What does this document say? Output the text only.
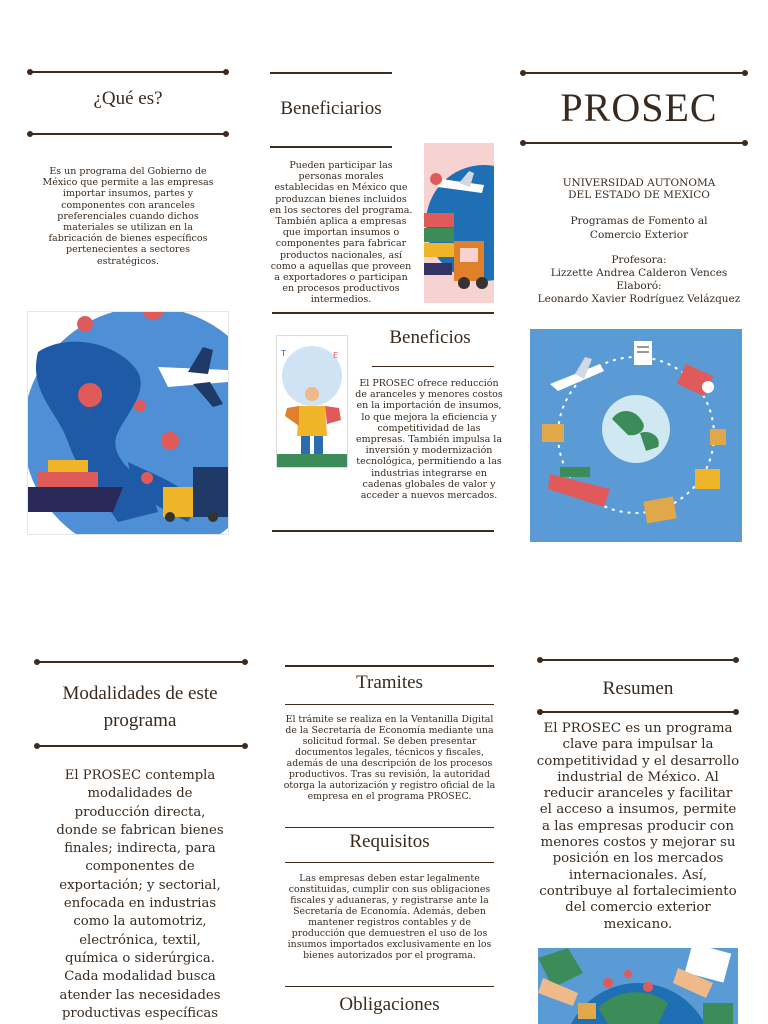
¿Qué es?
Es un programa del Gobierno de México que permite a las empresas importar insumos, partes y componentes con aranceles preferenciales cuando dichos materiales se utilizan en la fabricación de bienes específicos pertenecientes a sectores estratégicos.
Beneficiarios
Pueden participar las personas morales establecidas en México que produzcan bienes incluidos en los sectores del programa. También aplica a empresas que importan insumos o componentes para fabricar productos nacionales, así como a aquellas que proveen a exportadores o participan en procesos productivos intermedios.
T	E
Beneficios
El PROSEC ofrece reducción de aranceles y menores costos en la importación de insumos, lo que mejora la eficiencia y competitividad de las empresas. También impulsa la inversión y modernización tecnológica, permitiendo a las industrias integrarse en cadenas globales de valor y acceder a nuevos mercados.
PROSEC
UNIVERSIDAD AUTONOMA
DEL ESTADO DE MEXICO
Programas de Fomento al
Comercio Exterior
Profesora:
Lizzette Andrea Calderon Vences
Elaboró:
Leonardo Xavier Rodríguez Velázquez
Modalidades de este programa
El PROSEC contempla modalidades de producción directa, donde se fabrican bienes finales; indirecta, para componentes de exportación; y sectorial, enfocada en industrias como la automotriz, electrónica, textil, química o siderúrgica. Cada modalidad busca atender las necesidades productivas específicas
Tramites
El trámite se realiza en la Ventanilla Digital de la Secretaría de Economía mediante una solicitud formal. Se deben presentar documentos legales, técnicos y fiscales, además de una descripción de los procesos productivos. Tras su revisión, la autoridad otorga la autorización y registro oficial de la empresa en el programa PROSEC.
Requisitos
Las empresas deben estar legalmente constituidas, cumplir con sus obligaciones fiscales y aduaneras, y registrarse ante la Secretaría de Economía. Además, deben mantener registros contables y de producción que demuestren el uso de los insumos importados exclusivamente en los bienes autorizados por el programa.
Obligaciones
Resumen
El PROSEC es un programa clave para impulsar la competitividad y el desarrollo industrial de México. Al reducir aranceles y facilitar el acceso a insumos, permite a las empresas producir con menores costos y mejorar su posición en los mercados internacionales. Así, contribuye al fortalecimiento del comercio exterior mexicano.
